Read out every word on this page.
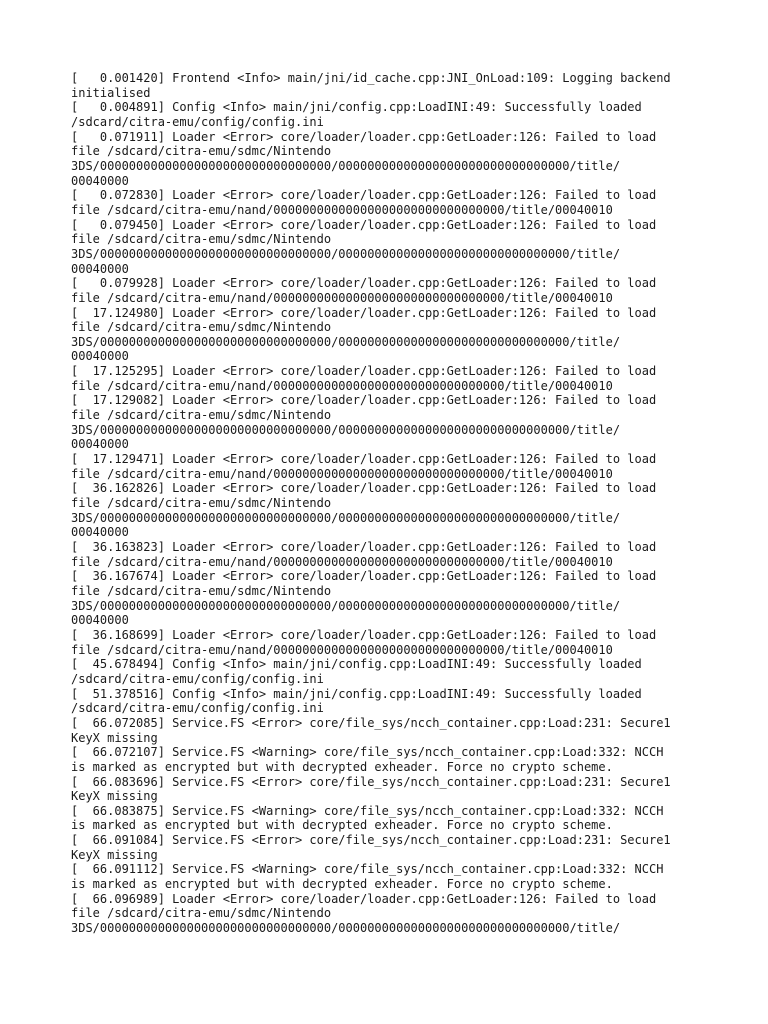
[   0.001420] Frontend <Info> main/jni/id_cache.cpp:JNI_OnLoad:109: Logging backend
initialised
[   0.004891] Config <Info> main/jni/config.cpp:LoadINI:49: Successfully loaded
/sdcard/citra-emu/config/config.ini
[   0.071911] Loader <Error> core/loader/loader.cpp:GetLoader:126: Failed to load
file /sdcard/citra-emu/sdmc/Nintendo
3DS/00000000000000000000000000000000/00000000000000000000000000000000/title/
00040000
[   0.072830] Loader <Error> core/loader/loader.cpp:GetLoader:126: Failed to load
file /sdcard/citra-emu/nand/00000000000000000000000000000000/title/00040010
[   0.079450] Loader <Error> core/loader/loader.cpp:GetLoader:126: Failed to load
file /sdcard/citra-emu/sdmc/Nintendo
3DS/00000000000000000000000000000000/00000000000000000000000000000000/title/
00040000
[   0.079928] Loader <Error> core/loader/loader.cpp:GetLoader:126: Failed to load
file /sdcard/citra-emu/nand/00000000000000000000000000000000/title/00040010
[  17.124980] Loader <Error> core/loader/loader.cpp:GetLoader:126: Failed to load
file /sdcard/citra-emu/sdmc/Nintendo
3DS/00000000000000000000000000000000/00000000000000000000000000000000/title/
00040000
[  17.125295] Loader <Error> core/loader/loader.cpp:GetLoader:126: Failed to load
file /sdcard/citra-emu/nand/00000000000000000000000000000000/title/00040010
[  17.129082] Loader <Error> core/loader/loader.cpp:GetLoader:126: Failed to load
file /sdcard/citra-emu/sdmc/Nintendo
3DS/00000000000000000000000000000000/00000000000000000000000000000000/title/
00040000
[  17.129471] Loader <Error> core/loader/loader.cpp:GetLoader:126: Failed to load
file /sdcard/citra-emu/nand/00000000000000000000000000000000/title/00040010
[  36.162826] Loader <Error> core/loader/loader.cpp:GetLoader:126: Failed to load
file /sdcard/citra-emu/sdmc/Nintendo
3DS/00000000000000000000000000000000/00000000000000000000000000000000/title/
00040000
[  36.163823] Loader <Error> core/loader/loader.cpp:GetLoader:126: Failed to load
file /sdcard/citra-emu/nand/00000000000000000000000000000000/title/00040010
[  36.167674] Loader <Error> core/loader/loader.cpp:GetLoader:126: Failed to load
file /sdcard/citra-emu/sdmc/Nintendo
3DS/00000000000000000000000000000000/00000000000000000000000000000000/title/
00040000
[  36.168699] Loader <Error> core/loader/loader.cpp:GetLoader:126: Failed to load
file /sdcard/citra-emu/nand/00000000000000000000000000000000/title/00040010
[  45.678494] Config <Info> main/jni/config.cpp:LoadINI:49: Successfully loaded
/sdcard/citra-emu/config/config.ini
[  51.378516] Config <Info> main/jni/config.cpp:LoadINI:49: Successfully loaded
/sdcard/citra-emu/config/config.ini
[  66.072085] Service.FS <Error> core/file_sys/ncch_container.cpp:Load:231: Secure1
KeyX missing
[  66.072107] Service.FS <Warning> core/file_sys/ncch_container.cpp:Load:332: NCCH
is marked as encrypted but with decrypted exheader. Force no crypto scheme.
[  66.083696] Service.FS <Error> core/file_sys/ncch_container.cpp:Load:231: Secure1
KeyX missing
[  66.083875] Service.FS <Warning> core/file_sys/ncch_container.cpp:Load:332: NCCH
is marked as encrypted but with decrypted exheader. Force no crypto scheme.
[  66.091084] Service.FS <Error> core/file_sys/ncch_container.cpp:Load:231: Secure1
KeyX missing
[  66.091112] Service.FS <Warning> core/file_sys/ncch_container.cpp:Load:332: NCCH
is marked as encrypted but with decrypted exheader. Force no crypto scheme.
[  66.096989] Loader <Error> core/loader/loader.cpp:GetLoader:126: Failed to load
file /sdcard/citra-emu/sdmc/Nintendo
3DS/00000000000000000000000000000000/00000000000000000000000000000000/title/
